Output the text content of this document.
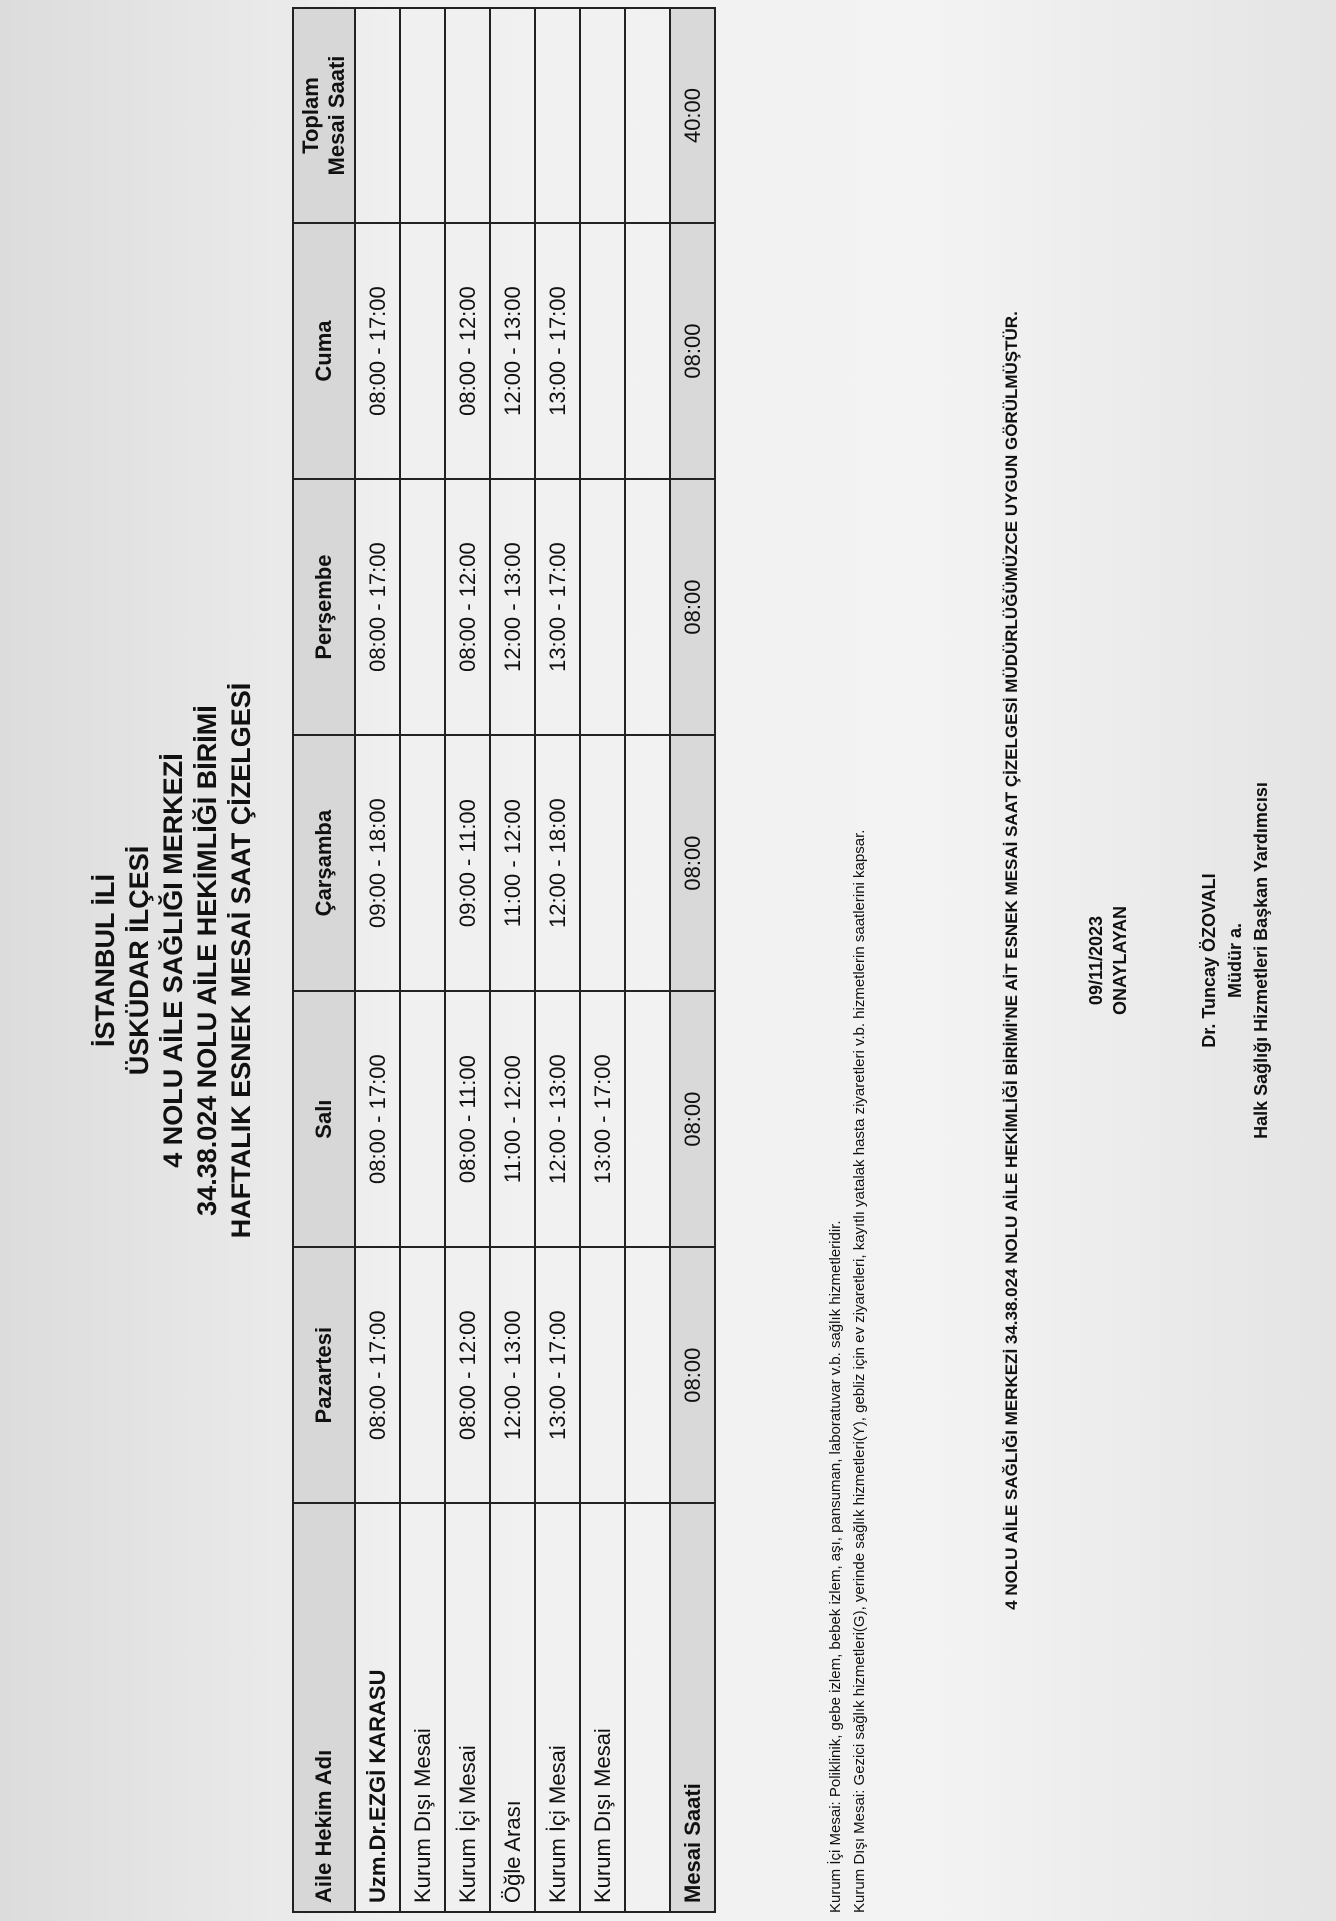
İSTANBUL İLİ ÜSKÜDAR İLÇESİ 4 NOLU AİLE SAĞLIĞI MERKEZİ 34.38.024 NOLU AİLE HEKİMLİĞİ BİRİMİ HAFTALIK ESNEK MESAİ SAAT ÇİZELGESİ
Aile Hekim Adı	Pazartesi	Salı	Çarşamba	Perşembe	Cuma	Toplam Mesai Saati

Uzm.Dr.EZGİ KARASU	08:00 - 17:00	08:00 - 17:00	09:00 - 18:00	08:00 - 17:00	08:00 - 17:00	
Kurum Dışı Mesai						
Kurum İçi Mesai	08:00 - 12:00	08:00 - 11:00	09:00 - 11:00	08:00 - 12:00	08:00 - 12:00	
Öğle Arası	12:00 - 13:00	11:00 - 12:00	11:00 - 12:00	12:00 - 13:00	12:00 - 13:00	
Kurum İçi Mesai	13:00 - 17:00	12:00 - 13:00	12:00 - 18:00	13:00 - 17:00	13:00 - 17:00	
Kurum Dışı Mesai		13:00 - 17:00				

Mesai Saati	08:00	08:00	08:00	08:00	08:00	40:00
Kurum İçi Mesai: Poliklinik, gebe izlem, bebek izlem, aşı, pansuman, laboratuvar v.b. sağlık hizmetleridir. Kurum Dışı Mesai: Gezici sağlık hizmetleri(G), yerinde sağlık hizmetleri(Y), gebliz için ev ziyaretleri, kayıtlı yatalak hasta ziyaretleri v.b. hizmetlerin saatlerini kapsar.	4 NOLU AİLE SAĞLIĞI MERKEZİ 34.38.024 NOLU AİLE HEKİMLİĞİ BİRİMİ'NE AİT ESNEK MESAİ SAAT ÇİZELGESİ MÜDÜRLÜĞÜMÜZCE UYGUN GÖRÜLMÜŞTÜR.	09/11/2023 ONAYLAYAN	Dr. Tuncay ÖZOVALI Müdür a. Halk Sağlığı Hizmetleri Başkan Yardımcısı
